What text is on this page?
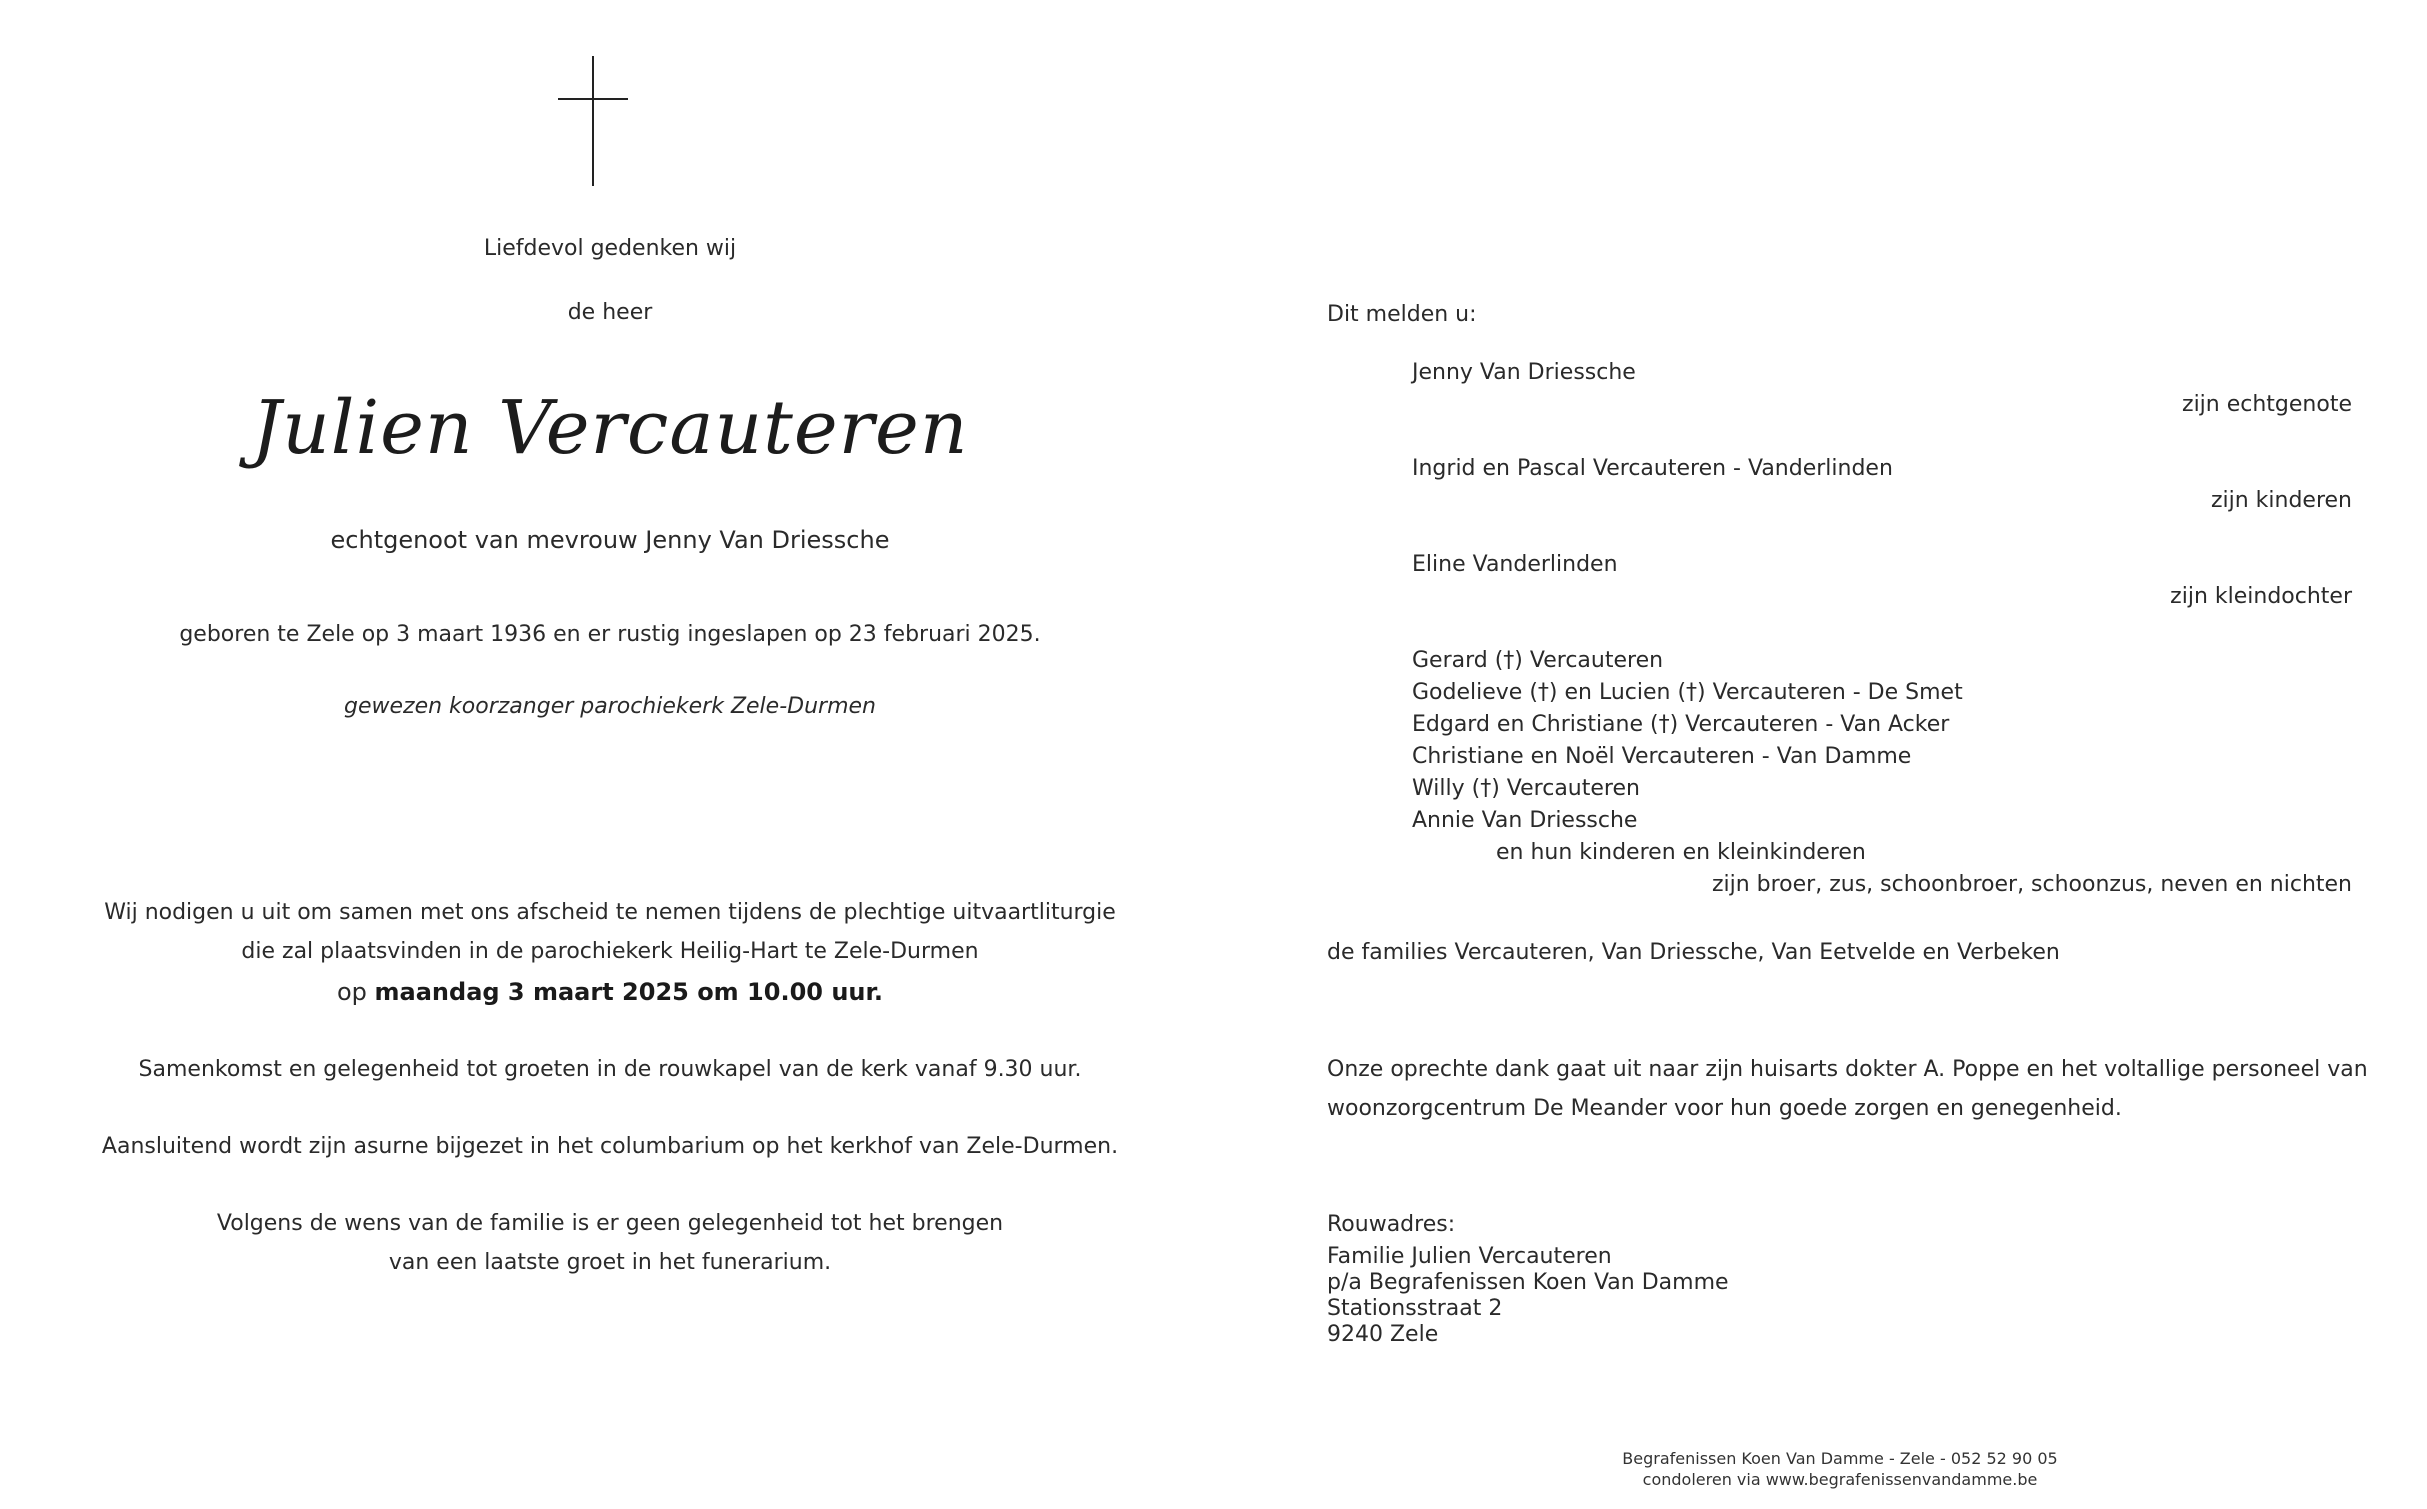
Liefdevol gedenken wij
de heer
Julien Vercauteren
echtgenoot van mevrouw Jenny Van Driessche
geboren te Zele op 3 maart 1936 en er rustig ingeslapen op 23 februari 2025.
gewezen koorzanger parochiekerk Zele-Durmen
Wij nodigen u uit om samen met ons afscheid te nemen tijdens de plechtige uitvaartliturgie
die zal plaatsvinden in de parochiekerk Heilig-Hart te Zele-Durmen
op maandag 3 maart 2025 om 10.00 uur.
Samenkomst en gelegenheid tot groeten in de rouwkapel van de kerk vanaf 9.30 uur.
Aansluitend wordt zijn asurne bijgezet in het columbarium op het kerkhof van Zele-Durmen.
Volgens de wens van de familie is er geen gelegenheid tot het brengen
van een laatste groet in het funerarium.
Dit melden u:
Jenny Van Driessche
zijn echtgenote
Ingrid en Pascal Vercauteren - Vanderlinden
zijn kinderen
Eline Vanderlinden
zijn kleindochter
Gerard (†) Vercauteren
Godelieve (†) en Lucien (†) Vercauteren - De Smet
Edgard en Christiane (†) Vercauteren - Van Acker
Christiane en Noël Vercauteren - Van Damme
Willy (†) Vercauteren
Annie Van Driessche
en hun kinderen en kleinkinderen
zijn broer, zus, schoonbroer, schoonzus, neven en nichten
de families Vercauteren, Van Driessche, Van Eetvelde en Verbeken
Onze oprechte dank gaat uit naar zijn huisarts dokter A. Poppe en het voltallige personeel van
woonzorgcentrum De Meander voor hun goede zorgen en genegenheid.
Rouwadres:
Familie Julien Vercauteren
p/a Begrafenissen Koen Van Damme
Stationsstraat 2
9240 Zele
Begrafenissen Koen Van Damme - Zele - 052 52 90 05
condoleren via www.begrafenissenvandamme.be
